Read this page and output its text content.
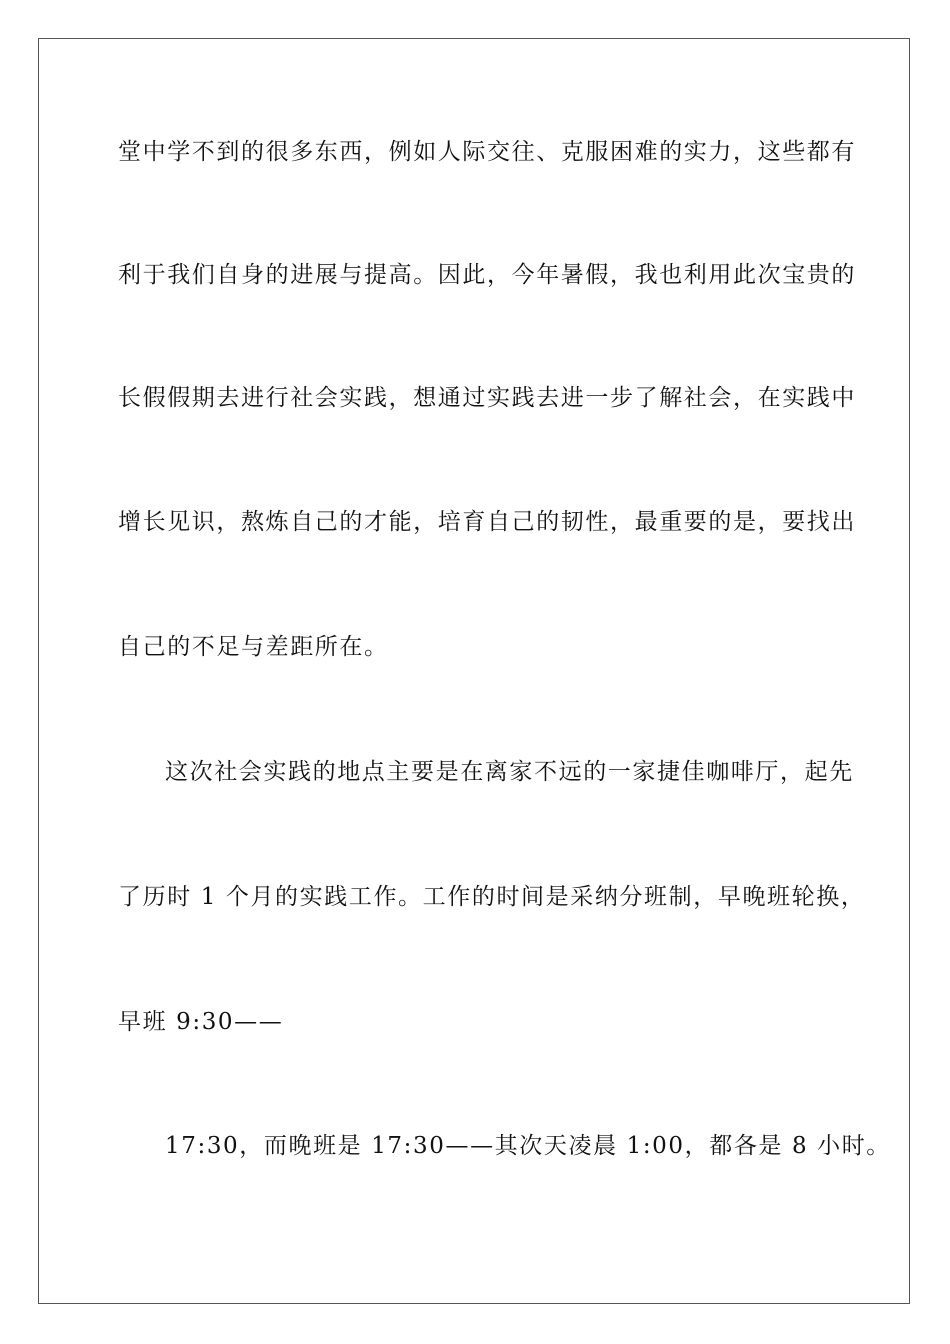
堂中学不到的很多东西，例如人际交往、克服困难的实力，这些都有
利于我们自身的进展与提高。因此，今年暑假，我也利用此次宝贵的
长假假期去进行社会实践，想通过实践去进一步了解社会，在实践中
增长见识，熬炼自己的才能，培育自己的韧性，最重要的是，要找出
自己的不足与差距所在。
这次社会实践的地点主要是在离家不远的一家捷佳咖啡厅，起先
了历时 1 个月的实践工作。工作的时间是采纳分班制，早晚班轮换，
早班 9:30——
17:30，而晚班是 17:30——其次天凌晨 1:00，都各是 8 小时。
